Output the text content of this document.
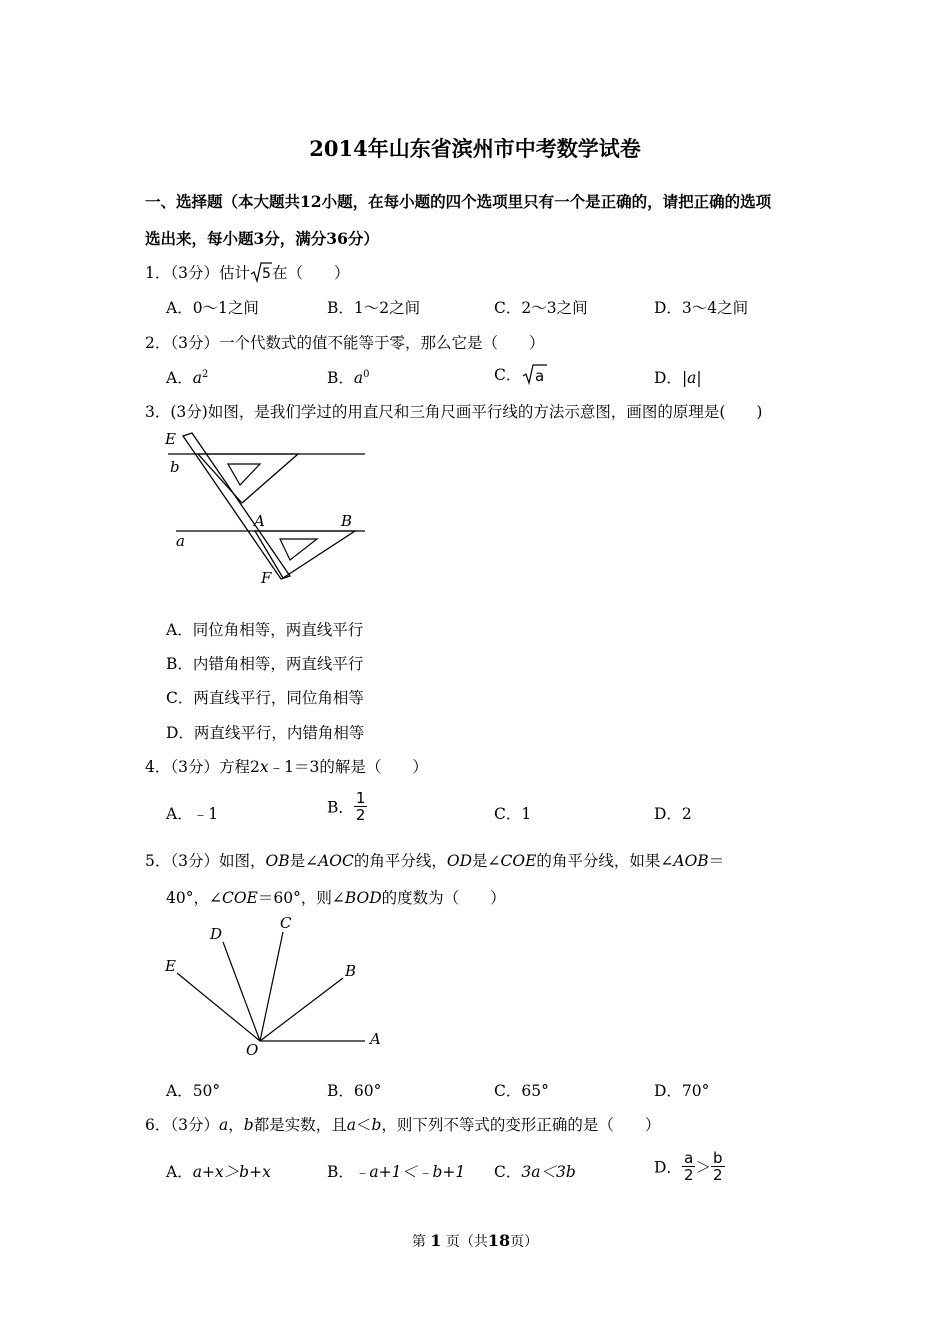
2014年山东省滨州市中考数学试卷
一、选择题（本大题共12小题，在每小题的四个选项里只有一个是正确的，请把正确的选项
选出来，每小题3分，满分36分）
1．（3分）估计 5 在（　　）
A．0～1之间	B．1～2之间	C．2～3之间	D．3～4之间
2．（3分）一个代数式的值不能等于零，那么它是（　　）
A．$a^2$	B．$a^0$	C． a	D．|a|
3．(3分)如图，是我们学过的用直尺和三角尺画平行线的方法示意图，画图的原理是(　　)
E
b
A	B
a
F
A．同位角相等，两直线平行
B．内错角相等，两直线平行
C．两直线平行，同位角相等
D．两直线平行，内错角相等
4．（3分）方程2x﹣1＝3的解是（　　）
A．﹣1	B． $\frac{1}{2}$	C．1	D．2
5．（3分）如图，OB是∠AOC的角平分线，OD是∠COE的角平分线，如果∠AOB＝
40°，∠COE＝60°，则∠BOD的度数为（　　）
E
D
C
B
O
A
A．50°	B．60°	C．65°	D．70°
6．（3分）a，b都是实数，且a＜b，则下列不等式的变形正确的是（　　）
A．a+x＞b+x	B．﹣a+1＜﹣b+1 C．3a＜3b	D． $\frac{a}{2} > \frac{b}{2}$
第 1 页（共18页）
